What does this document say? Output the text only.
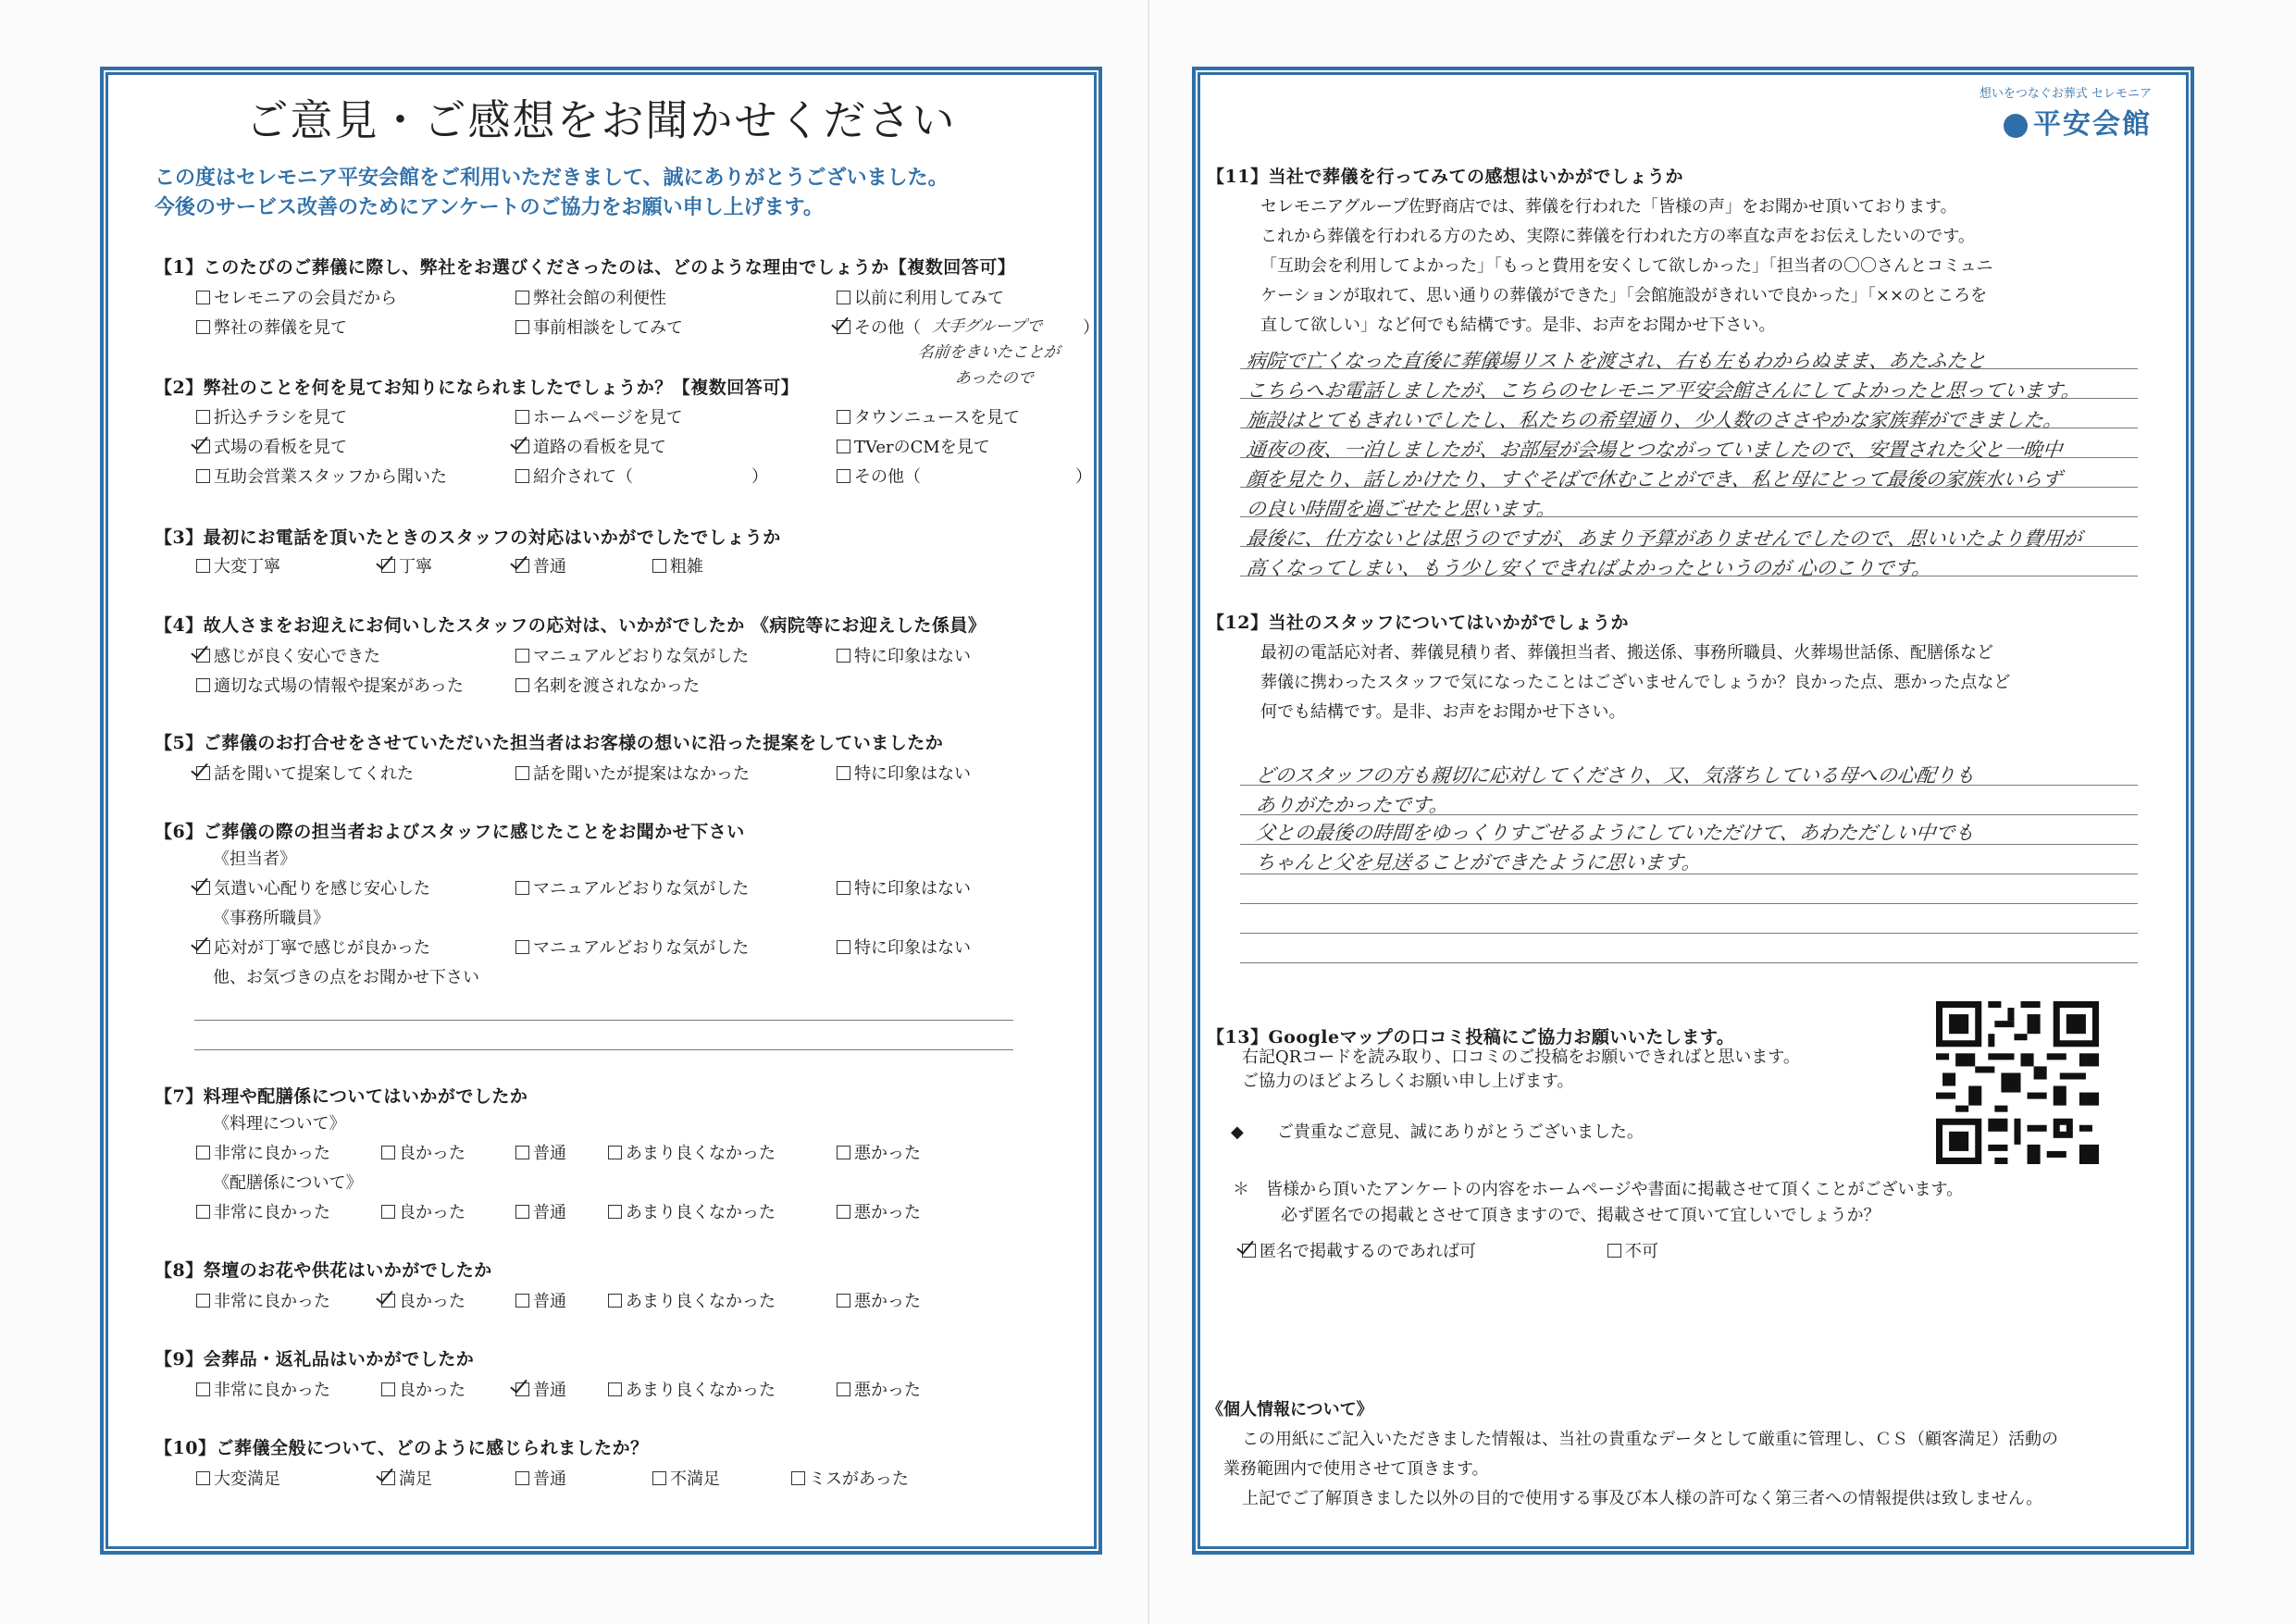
ご意見・ご感想をお聞かせください
この度はセレモニア平安会館をご利用いただきまして、誠にありがとうございました。
今後のサービス改善のためにアンケートのご協力をお願い申し上げます。
【1】このたびのご葬儀に際し、弊社をお選びくださったのは、どのような理由でしょうか【複数回答可】
セレモニアの会員だから	弊社会館の利便性	以前に利用してみて
弊社の葬儀を見て	事前相談をしてみて	その他（	）
大手グループで
名前をきいたことが
あったので
【2】弊社のことを何を見てお知りになられましたでしょうか？【複数回答可】
折込チラシを見て	ホームページを見て	タウンニュースを見て
式場の看板を見て	道路の看板を見て	TVerのCMを見て
互助会営業スタッフから聞いた	紹介されて（	）	その他（	）
【3】最初にお電話を頂いたときのスタッフの対応はいかがでしたでしょうか
大変丁寧	丁寧	普通	粗雑
【4】故人さまをお迎えにお伺いしたスタッフの応対は、いかがでしたか 《病院等にお迎えした係員》
感じが良く安心できた	マニュアルどおりな気がした	特に印象はない
適切な式場の情報や提案があった	名刺を渡されなかった
【5】ご葬儀のお打合せをさせていただいた担当者はお客様の想いに沿った提案をしていましたか
話を聞いて提案してくれた	話を聞いたが提案はなかった	特に印象はない
【6】ご葬儀の際の担当者およびスタッフに感じたことをお聞かせ下さい
《担当者》
気遣い心配りを感じ安心した	マニュアルどおりな気がした	特に印象はない
《事務所職員》
応対が丁寧で感じが良かった	マニュアルどおりな気がした	特に印象はない
他、お気づきの点をお聞かせ下さい
【7】料理や配膳係についてはいかがでしたか
《料理について》
非常に良かった	良かった	普通	あまり良くなかった	悪かった
《配膳係について》
非常に良かった	良かった	普通	あまり良くなかった	悪かった
【8】祭壇のお花や供花はいかがでしたか
非常に良かった	良かった	普通	あまり良くなかった	悪かった
【9】会葬品・返礼品はいかがでしたか
非常に良かった	良かった	普通	あまり良くなかった	悪かった
【10】ご葬儀全般について、どのように感じられましたか？
大変満足	満足	普通	不満足	ミスがあった
想いをつなぐお葬式 セレモニア
平安会館
【11】当社で葬儀を行ってみての感想はいかがでしょうか
セレモニアグループ佐野商店では、葬儀を行われた「皆様の声」をお聞かせ頂いております。
これから葬儀を行われる方のため、実際に葬儀を行われた方の率直な声をお伝えしたいのです。
「互助会を利用してよかった」「もっと費用を安くして欲しかった」「担当者の〇〇さんとコミュニ
ケーションが取れて、思い通りの葬儀ができた」「会館施設がきれいで良かった」「××のところを
直して欲しい」など何でも結構です。是非、お声をお聞かせ下さい。
病院で亡くなった直後に葬儀場リストを渡され、右も左もわからぬまま、あたふたと
こちらへお電話しましたが、こちらのセレモニア平安会館さんにしてよかったと思っています。
施設はとてもきれいでしたし、私たちの希望通り、少人数のささやかな家族葬ができました。
通夜の夜、一泊しましたが、お部屋が会場とつながっていましたので、安置された父と一晩中
顔を見たり、話しかけたり、すぐそばで休むことができ、私と母にとって最後の家族水いらず
の良い時間を過ごせたと思います。
最後に、仕方ないとは思うのですが、あまり予算がありませんでしたので、思いいたより費用が
高くなってしまい、もう少し安くできればよかったというのが 心のこりです。
【12】当社のスタッフについてはいかがでしょうか
最初の電話応対者、葬儀見積り者、葬儀担当者、搬送係、事務所職員、火葬場世話係、配膳係など
葬儀に携わったスタッフで気になったことはございませんでしょうか？良かった点、悪かった点など
何でも結構です。是非、お声をお聞かせ下さい。
どのスタッフの方も親切に応対してくださり、又、気落ちしている母への心配りも
ありがたかったです。
父との最後の時間をゆっくりすごせるようにしていただけて、あわただしい中でも
ちゃんと父を見送ることができたように思います。
【13】Googleマップの口コミ投稿にご協力お願いいたします。
右記QRコードを読み取り、口コミのご投稿をお願いできればと思います。
ご協力のほどよろしくお願い申し上げます。
◆　　ご貴重なご意見、誠にありがとうございました。
＊　皆様から頂いたアンケートの内容をホームページや書面に掲載させて頂くことがございます。
必ず匿名での掲載とさせて頂きますので、掲載させて頂いて宜しいでしょうか？
匿名で掲載するのであれば可	不可
《個人情報について》
この用紙にご記入いただきました情報は、当社の貴重なデータとして厳重に管理し、ＣＳ（顧客満足）活動の
業務範囲内で使用させて頂きます。
上記でご了解頂きました以外の目的で使用する事及び本人様の許可なく第三者への情報提供は致しません。
